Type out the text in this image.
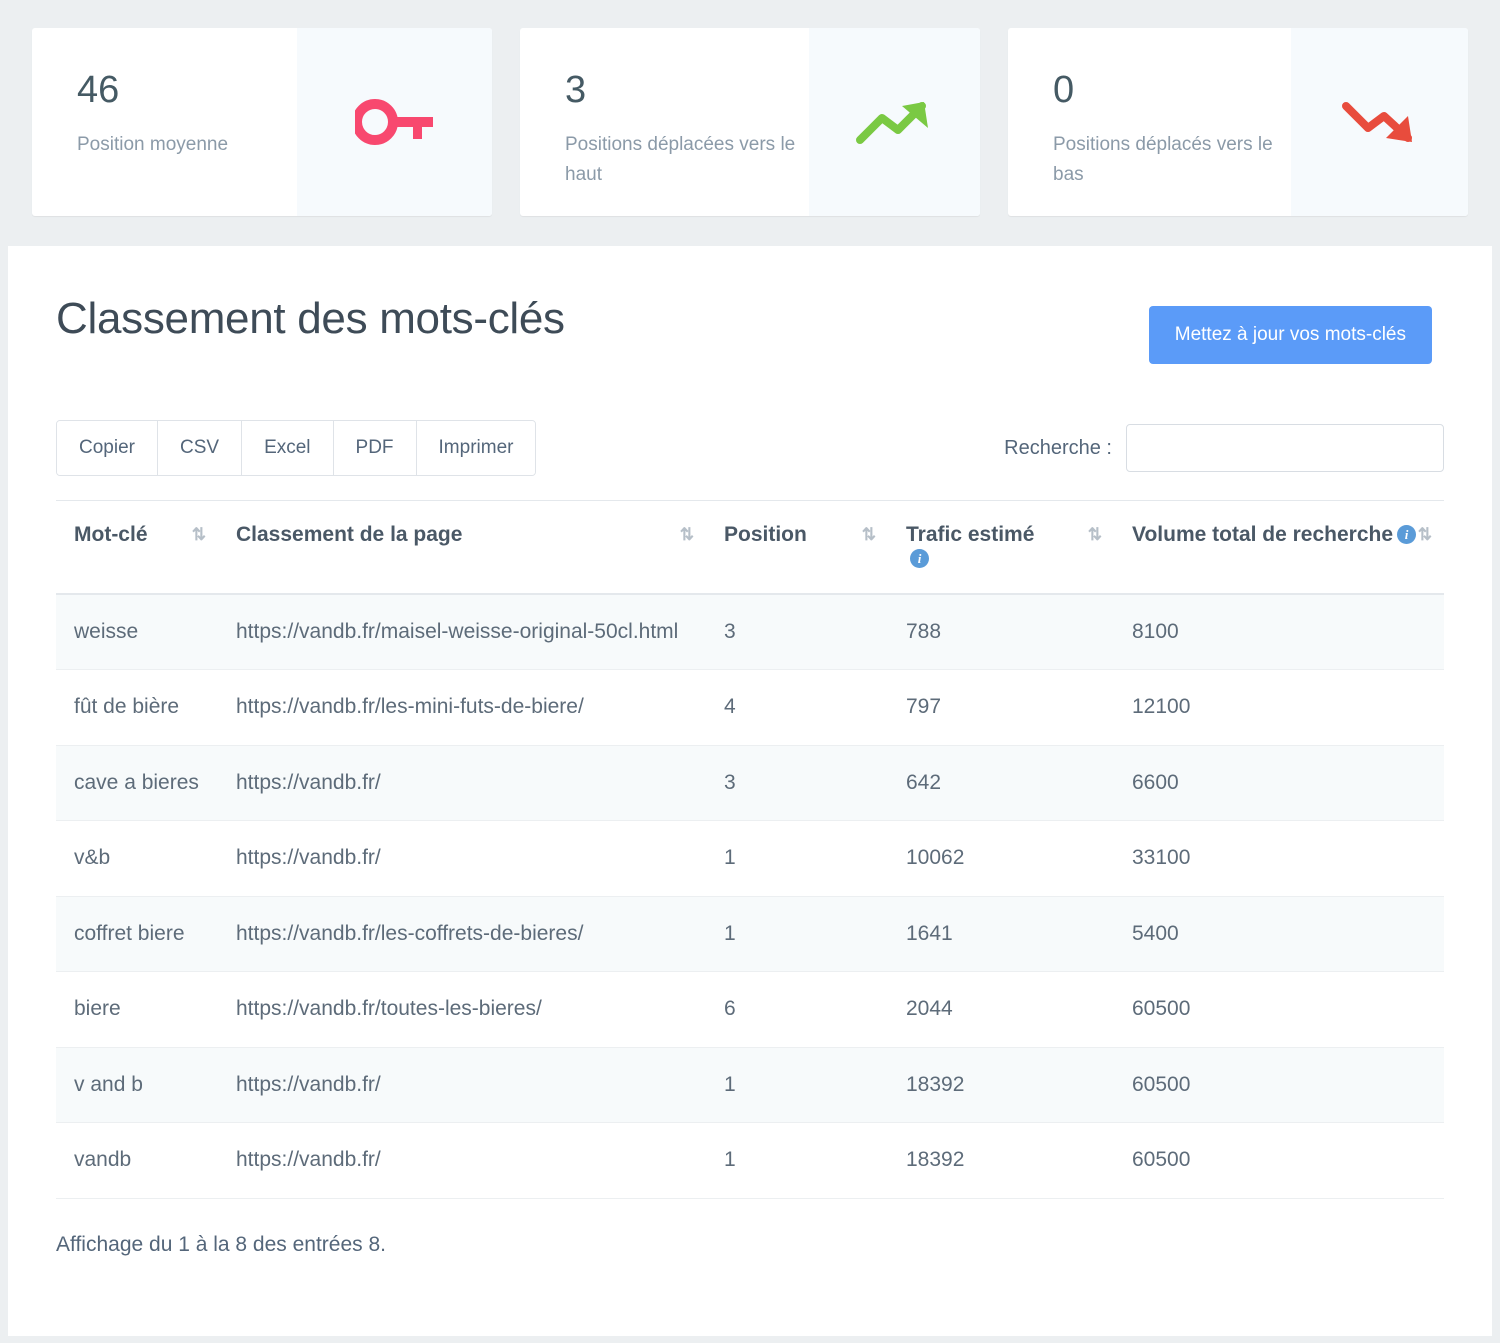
46
Position moyenne
3
Positions déplacées vers le haut
0
Positions déplacés vers le bas
Classement des mots-clés	Mettez à jour vos mots-clés
Copier	CSV	Excel	PDF	Imprimer	Recherche :
Mot-clé ⇅	Classement de la page ⇅	Position ⇅	Trafic estimé
i
⇅	Volume total de recherche i ⇅

weisse	https://vandb.fr/maisel-weisse-original-50cl.html	3	788	8100
fût de bière	https://vandb.fr/les-mini-futs-de-biere/	4	797	12100
cave a bieres	https://vandb.fr/	3	642	6600
v&b	https://vandb.fr/	1	10062	33100
coffret biere	https://vandb.fr/les-coffrets-de-bieres/	1	1641	5400
biere	https://vandb.fr/toutes-les-bieres/	6	2044	60500
v and b	https://vandb.fr/	1	18392	60500
vandb	https://vandb.fr/	1	18392	60500
Affichage du 1 à la 8 des entrées 8.
